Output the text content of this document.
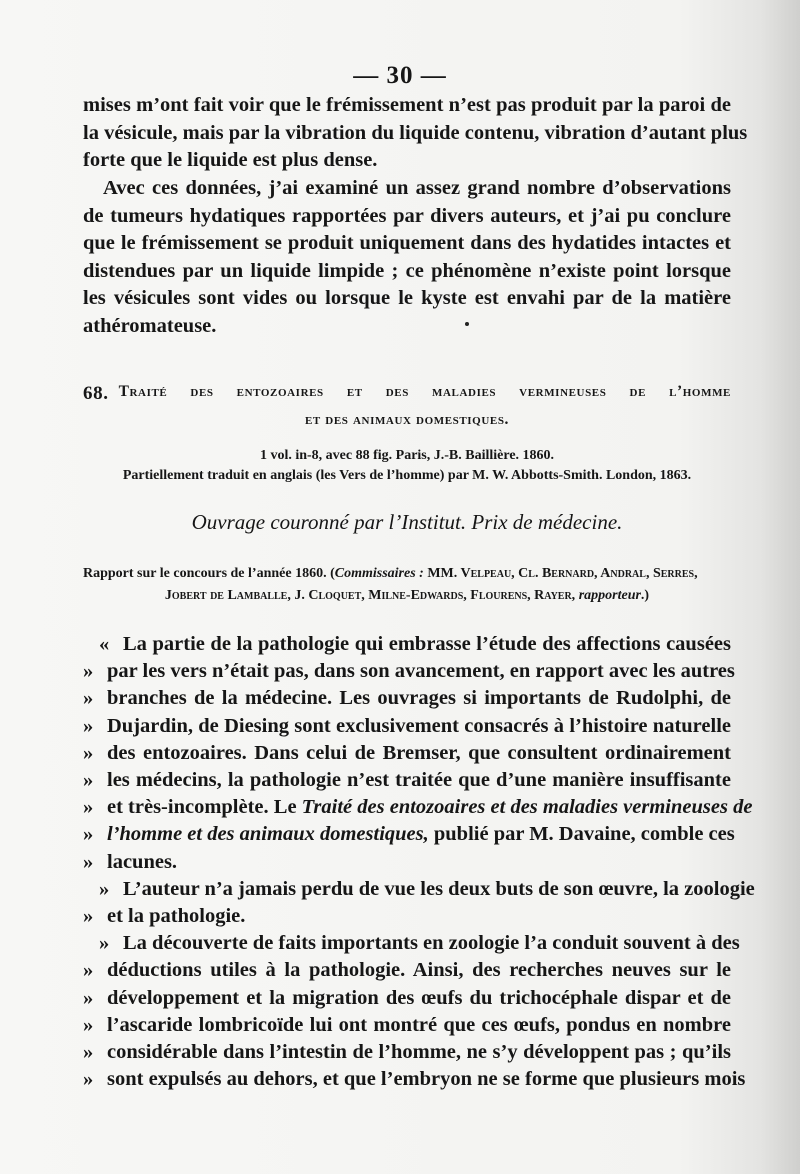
— 30 —
mises m’ont fait voir que le frémissement n’est pas produit par la paroi de
la vésicule, mais par la vibration du liquide contenu, vibration d’autant plus
forte que le liquide est plus dense.
Avec ces données, j’ai examiné un assez grand nombre d’observations
de tumeurs hydatiques rapportées par divers auteurs, et j’ai pu conclure
que le frémissement se produit uniquement dans des hydatides intactes et
distendues par un liquide limpide ; ce phénomène n’existe point lorsque
les vésicules sont vides ou lorsque le kyste est envahi par de la matière
athéromateuse.
68. Traité des entozoaires et des maladies vermineuses de l’homme
et des animaux domestiques.
1 vol. in-8, avec 88 fig. Paris, J.-B. Baillière. 1860.
Partiellement traduit en anglais (les Vers de l’homme) par M. W. Abbotts-Smith. London, 1863.
Ouvrage couronné par l’Institut. Prix de médecine.
Rapport sur le concours de l’année 1860. ( Commissaires : MM. Velpeau, Cl. Bernard, Andral, Serres,
Jobert de Lamballe, J. Cloquet, Milne-Edwards, Flourens, Rayer, rapporteur.)
« La partie de la pathologie qui embrasse l’étude des affections causées
» par les vers n’était pas, dans son avancement, en rapport avec les autres
» branches de la médecine. Les ouvrages si importants de Rudolphi, de
» Dujardin, de Diesing sont exclusivement consacrés à l’histoire naturelle
» des entozoaires. Dans celui de Bremser, que consultent ordinairement
» les médecins, la pathologie n’est traitée que d’une manière insuffisante
» et très-incomplète. Le Traité des entozoaires et des maladies vermineuses de
» l’homme et des animaux domestiques, publié par M. Davaine, comble ces
» lacunes.
» L’auteur n’a jamais perdu de vue les deux buts de son œuvre, la zoologie
» et la pathologie.
» La découverte de faits importants en zoologie l’a conduit souvent à des
» déductions utiles à la pathologie. Ainsi, des recherches neuves sur le
» développement et la migration des œufs du trichocéphale dispar et de
» l’ascaride lombricoïde lui ont montré que ces œufs, pondus en nombre
» considérable dans l’intestin de l’homme, ne s’y développent pas ; qu’ils
» sont expulsés au dehors, et que l’embryon ne se forme que plusieurs mois
